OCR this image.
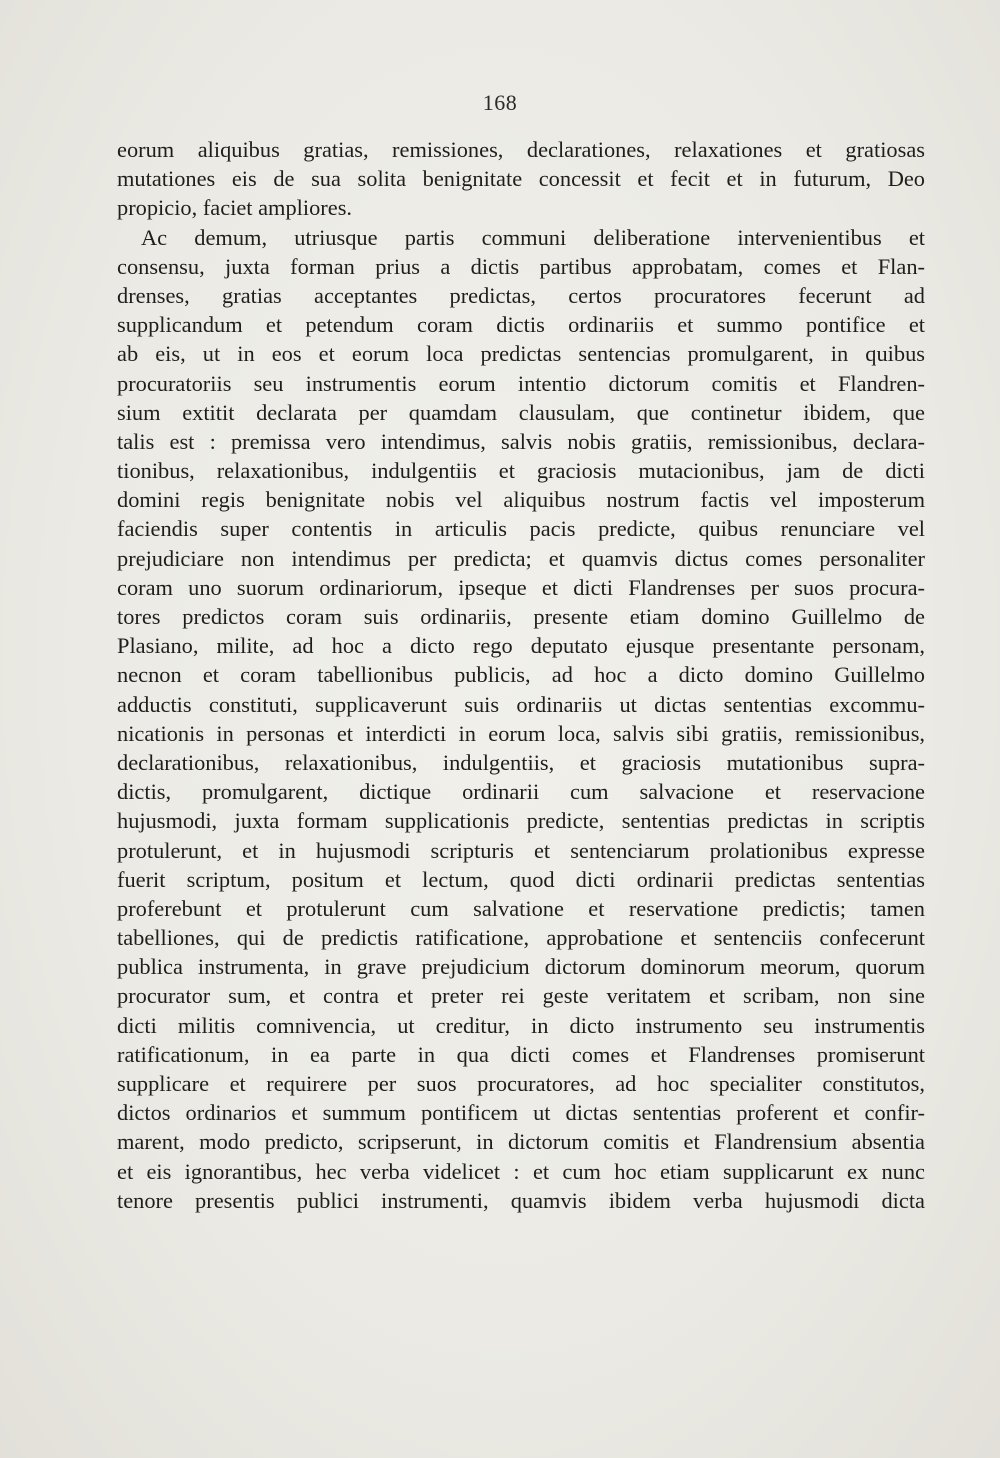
168
eorum aliquibus gratias, remissiones, declarationes, relaxationes et gratiosas
mutationes eis de sua solita benignitate concessit et fecit et in futurum, Deo
propicio, faciet ampliores.
Ac demum, utriusque partis communi deliberatione intervenientibus et
consensu, juxta forman prius a dictis partibus approbatam, comes et Flan-
drenses, gratias acceptantes predictas, certos procuratores fecerunt ad
supplicandum et petendum coram dictis ordinariis et summo pontifice et
ab eis, ut in eos et eorum loca predictas sentencias promulgarent, in quibus
procuratoriis seu instrumentis eorum intentio dictorum comitis et Flandren-
sium extitit declarata per quamdam clausulam, que continetur ibidem, que
talis est : premissa vero intendimus, salvis nobis gratiis, remissionibus, declara-
tionibus, relaxationibus, indulgentiis et graciosis mutacionibus, jam de dicti
domini regis benignitate nobis vel aliquibus nostrum factis vel imposterum
faciendis super contentis in articulis pacis predicte, quibus renunciare vel
prejudiciare non intendimus per predicta; et quamvis dictus comes personaliter
coram uno suorum ordinariorum, ipseque et dicti Flandrenses per suos procura-
tores predictos coram suis ordinariis, presente etiam domino Guillelmo de
Plasiano, milite, ad hoc a dicto rego deputato ejusque presentante personam,
necnon et coram tabellionibus publicis, ad hoc a dicto domino Guillelmo
adductis constituti, supplicaverunt suis ordinariis ut dictas sententias excommu-
nicationis in personas et interdicti in eorum loca, salvis sibi gratiis, remissionibus,
declarationibus, relaxationibus, indulgentiis, et graciosis mutationibus supra-
dictis, promulgarent, dictique ordinarii cum salvacione et reservacione
hujusmodi, juxta formam supplicationis predicte, sententias predictas in scriptis
protulerunt, et in hujusmodi scripturis et sentenciarum prolationibus expresse
fuerit scriptum, positum et lectum, quod dicti ordinarii predictas sententias
proferebunt et protulerunt cum salvatione et reservatione predictis; tamen
tabelliones, qui de predictis ratificatione, approbatione et sentenciis confecerunt
publica instrumenta, in grave prejudicium dictorum dominorum meorum, quorum
procurator sum, et contra et preter rei geste veritatem et scribam, non sine
dicti militis comnivencia, ut creditur, in dicto instrumento seu instrumentis
ratificationum, in ea parte in qua dicti comes et Flandrenses promiserunt
supplicare et requirere per suos procuratores, ad hoc specialiter constitutos,
dictos ordinarios et summum pontificem ut dictas sententias proferent et confir-
marent, modo predicto, scripserunt, in dictorum comitis et Flandrensium absentia
et eis ignorantibus, hec verba videlicet : et cum hoc etiam supplicarunt ex nunc
tenore presentis publici instrumenti, quamvis ibidem verba hujusmodi dicta
